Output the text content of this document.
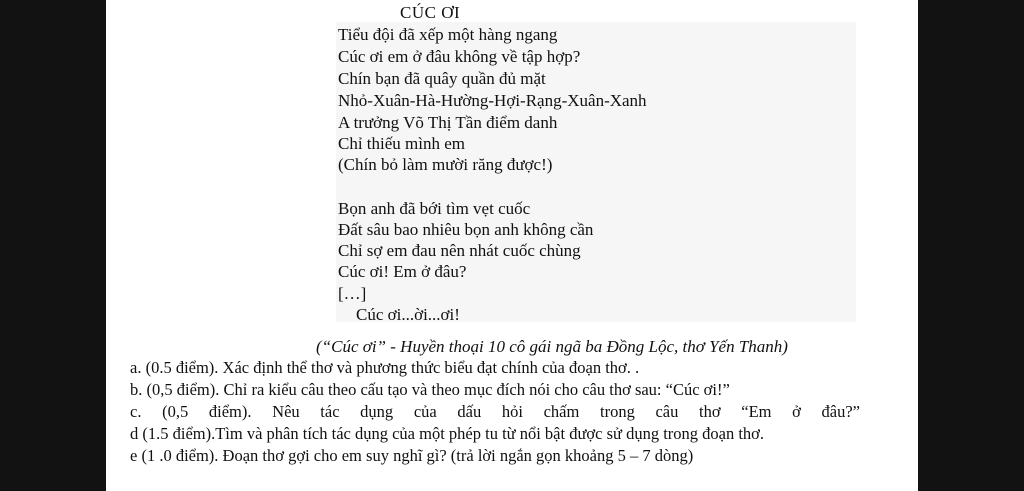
CÚC ƠI
Tiểu đội đã xếp một hàng ngang
Cúc ơi em ở đâu không về tập hợp?
Chín bạn đã quây quần đủ mặt
Nhỏ-Xuân-Hà-Hường-Hợi-Rạng-Xuân-Xanh
A trưởng Võ Thị Tần điểm danh
Chỉ thiếu mình em
(Chín bỏ làm mười răng được!)
Bọn anh đã bới tìm vẹt cuốc
Đất sâu bao nhiêu bọn anh không cần
Chỉ sợ em đau nên nhát cuốc chùng
Cúc ơi! Em ở đâu?
[…]
Cúc ơi...ời...ơi!
(“Cúc ơi” - Huyền thoại 10 cô gái ngã ba Đồng Lộc, thơ Yến Thanh)
a. (0.5 điểm). Xác định thể thơ và phương thức biểu đạt chính của đoạn thơ. .
b. (0,5 điểm). Chỉ ra kiểu câu theo cấu tạo và theo mục đích nói cho câu thơ sau: “Cúc ơi!”
c. (0,5 điểm). Nêu tác dụng của dấu hỏi chấm trong câu thơ “Em ở đâu?”
d (1.5 điểm).Tìm và phân tích tác dụng của một phép tu từ nổi bật được sử dụng trong đoạn thơ.
e (1 .0 điểm). Đoạn thơ gợi cho em suy nghĩ gì? (trả lời ngắn gọn khoảng 5 – 7 dòng)
